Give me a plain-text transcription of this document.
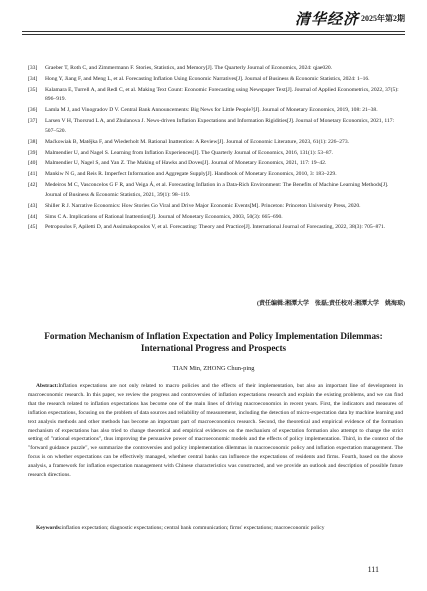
清华经济 2025年第2期
[33] Graeber T, Roth C, and Zimmermann F. Stories, Statistics, and Memory[J]. The Quarterly Journal of Economics, 2024: qjae020.
[34] Hong Y, Jiang F, and Meng L, et al. Forecasting Inflation Using Economic Narratives[J]. Journal of Business & Economic Statistics, 2024: 1–16.
[35] Kalamara E, Turrell A, and Redl C, et al. Making Text Count: Economic Forecasting using Newspaper Text[J]. Journal of Applied Econometrics, 2022, 37(5): 896–919.
[36] Lamla M J, and Vinogradov D V. Central Bank Announcements: Big News for Little People?[J]. Journal of Monetary Economics, 2019, 108: 21–38.
[37] Larsen V H, Thorsrud L A, and Zhulanova J. News-driven Inflation Expectations and Information Rigidities[J]. Journal of Monetary Economics, 2021, 117: 507–520.
[38] Maćkowiak B, Matějka F, and Wiederholt M. Rational Inattention: A Review[J]. Journal of Economic Literature, 2023, 61(1): 226–273.
[39] Malmendier U, and Nagel S. Learning from Inflation Experiences[J]. The Quarterly Journal of Economics, 2016, 131(1): 53–87.
[40] Malmendier U, Nagel S, and Yan Z. The Making of Hawks and Doves[J]. Journal of Monetary Economics, 2021, 117: 19–42.
[41] Mankiw N G, and Reis R. Imperfect Information and Aggregate Supply[J]. Handbook of Monetary Economics, 2010, 3: 183–229.
[42] Medeiros M C, Vasconcelos G F R, and Veiga Á, et al. Forecasting Inflation in a Data-Rich Environment: The Benefits of Machine Learning Methods[J]. Journal of Business & Economic Statistics, 2021, 39(1): 98–119.
[43] Shiller R J. Narrative Economics: How Stories Go Viral and Drive Major Economic Events[M]. Princeton: Princeton University Press, 2020.
[44] Sims C A. Implications of Rational Inattention[J]. Journal of Monetary Economics, 2003, 50(3): 665–690.
[45] Petropoulos F, Apiletti D, and Assimakopoulos V, et al. Forecasting: Theory and Practice[J]. International Journal of Forecasting, 2022, 38(3): 705–871.
(责任编辑:湘潭大学　张磊;责任校对:湘潭大学　姚海琼)
Formation Mechanism of Inflation Expectation and Policy Implementation Dilemmas: International Progress and Prospects
TIAN Min, ZHONG Chun-ping
Abstract:Inflation expectations are not only related to macro policies and the effects of their implementation, but also an important line of development in macroeconomic research. In this paper, we review the progress and controversies of inflation expectations research and explain the existing problems, and we can find that the research related to inflation expectations has become one of the main lines of driving macroeconomics in recent years. First, the indicators and measures of inflation expectations, focusing on the problem of data sources and reliability of measurement, including the detection of micro-expectation data by machine learning and text analysis methods and other methods has become an important part of macroeconomics research. Second, the theoretical and empirical evidence of the formation mechanism of expectations has also tried to change theoretical and empirical evidences on the mechanism of expectation formation also attempt to change the strict setting of "rational expectations", thus improving the persuasive power of macroeconomic models and the effects of policy implementation. Third, in the context of the "forward guidance puzzle", we summarize the controversies and policy implementation dilemmas in macroeconomic policy and inflation expectation management. The focus is on whether expectations can be effectively managed, whether central banks can influence the expectations of residents and firms. Fourth, based on the above analysis, a framework for inflation expectation management with Chinese characteristics was constructed, and we provide an outlook and description of possible future research directions.
Keywords:inflation expectation; diagnostic expectations; central bank communication; firms' expectations; macroeconomic policy
111
